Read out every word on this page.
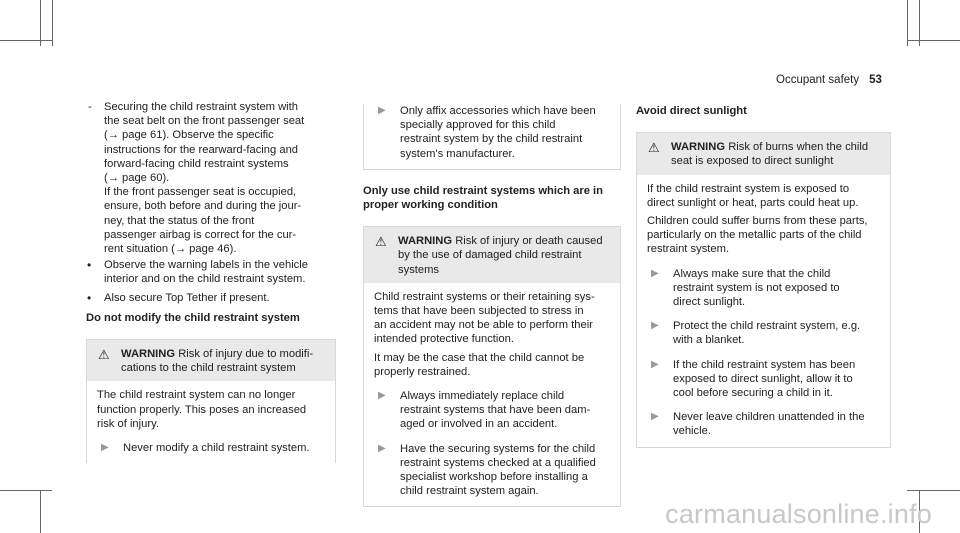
Occupant safety 53
- Securing the child restraint system with
the seat belt on the front passenger seat
(→ page 61). Observe the specific
instructions for the rearward-facing and
forward-facing child restraint systems
(→ page 60).

If the front passenger seat is occupied,
ensure, both before and during the jour-
ney, that the status of the front
passenger airbag is correct for the cur-
rent situation (→ page 46).

• Observe the warning labels in the vehicle
interior and on the child restraint system.
• Also secure Top Tether if present.

Do not modify the child restraint system

⚠ WARNING Risk of injury due to modifi-
cations to the child restraint system

The child restraint system can no longer
function properly. This poses an increased
risk of injury.

▶ Never modify a child restraint system.
▶ Only affix accessories which have been
specially approved for this child
restraint system by the child restraint
system's manufacturer.

Only use child restraint systems which are in
proper working condition

⚠ WARNING Risk of injury or death caused
by the use of damaged child restraint
systems

Child restraint systems or their retaining sys-
tems that have been subjected to stress in
an accident may not be able to perform their
intended protective function.

It may be the case that the child cannot be
properly restrained.

▶ Always immediately replace child
restraint systems that have been dam-
aged or involved in an accident.
▶ Have the securing systems for the child
restraint systems checked at a qualified
specialist workshop before installing a
child restraint system again.

Avoid direct sunlight

⚠ WARNING Risk of burns when the child
seat is exposed to direct sunlight

If the child restraint system is exposed to
direct sunlight or heat, parts could heat up.

Children could suffer burns from these parts,
particularly on the metallic parts of the child
restraint system.

▶ Always make sure that the child
restraint system is not exposed to
direct sunlight.
▶ Protect the child restraint system, e.g.
with a blanket.
▶ If the child restraint system has been
exposed to direct sunlight, allow it to
cool before securing a child in it.
▶ Never leave children unattended in the
vehicle.
carmanualsonline.info
